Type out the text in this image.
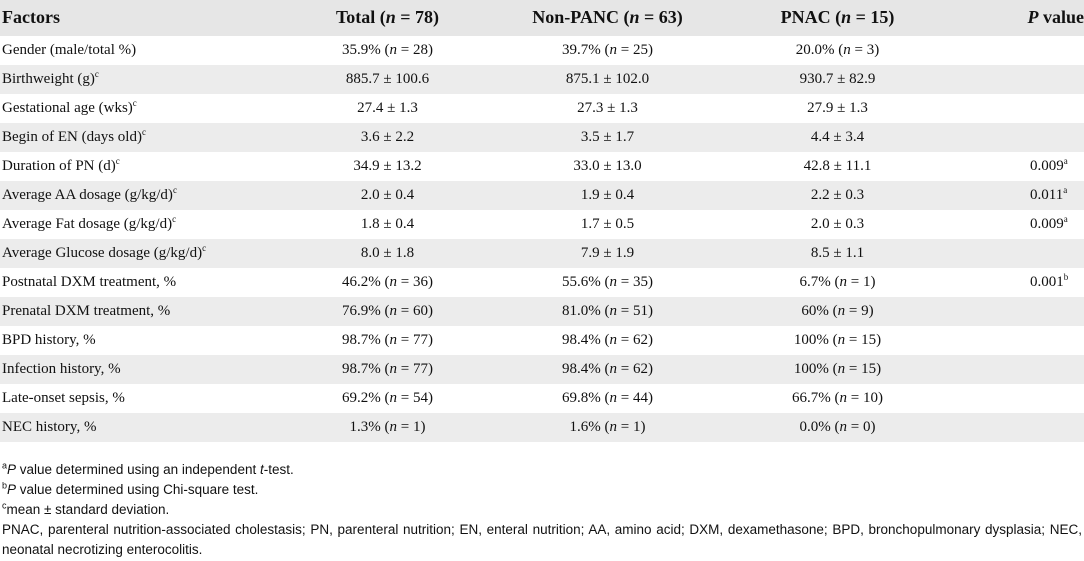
Factors	Total (n = 78)	Non-PANC (n = 63)	PNAC (n = 15)	P value
Gender (male/total %)	35.9% (n = 28)	39.7% (n = 25)	20.0% (n = 3)	
Birthweight $(g)^c$	885.7 ± 100.6	875.1 ± 102.0	930.7 ± 82.9	
Gestational age (wks)$^c$	27.4 ± 1.3	27.3 ± 1.3	27.9 ± 1.3	
Begin of EN (days old)$^c$	3.6 ± 2.2	3.5 ± 1.7	4.4 ± 3.4	
Duration of PN $(d)^c$	34.9 ± 13.2	33.0 ± 13.0	42.8 ± 11.1	0.009$^a$
Average AA dosage $(g/kg/d)^c$	2.0 ± 0.4	1.9 ± 0.4	2.2 ± 0.3	0.011$^a$
Average Fat dosage $(g/kg/d)^c$	1.8 ± 0.4	1.7 ± 0.5	2.0 ± 0.3	0.009$^a$
Average Glucose dosage $(g/kg/d)^c$	8.0 ± 1.8	7.9 ± 1.9	8.5 ± 1.1	
Postnatal DXM treatment, %	46.2% (n = 36)	55.6% (n = 35)	6.7% (n = 1)	0.001$^b$
Prenatal DXM treatment, %	76.9% (n = 60)	81.0% (n = 51)	60% (n = 9)	
BPD history, %	98.7% (n = 77)	98.4% (n = 62)	100% (n = 15)	
Infection history, %	98.7% (n = 77)	98.4% (n = 62)	100% (n = 15)	
Late-onset sepsis, %	69.2% (n = 54)	69.8% (n = 44)	66.7% (n = 10)	
NEC history, %	1.3% (n = 1)	1.6% (n = 1)	0.0% (n = 0)	
$^a$P value determined using an independent t-test.
$^b$P value determined using Chi-square test.
$^c$mean ± standard deviation.
PNAC, parenteral nutrition-associated cholestasis; PN, parenteral nutrition; EN, enteral nutrition; AA, amino acid; DXM, dexamethasone; BPD, bronchopulmonary dysplasia; NEC, neonatal necrotizing enterocolitis.
